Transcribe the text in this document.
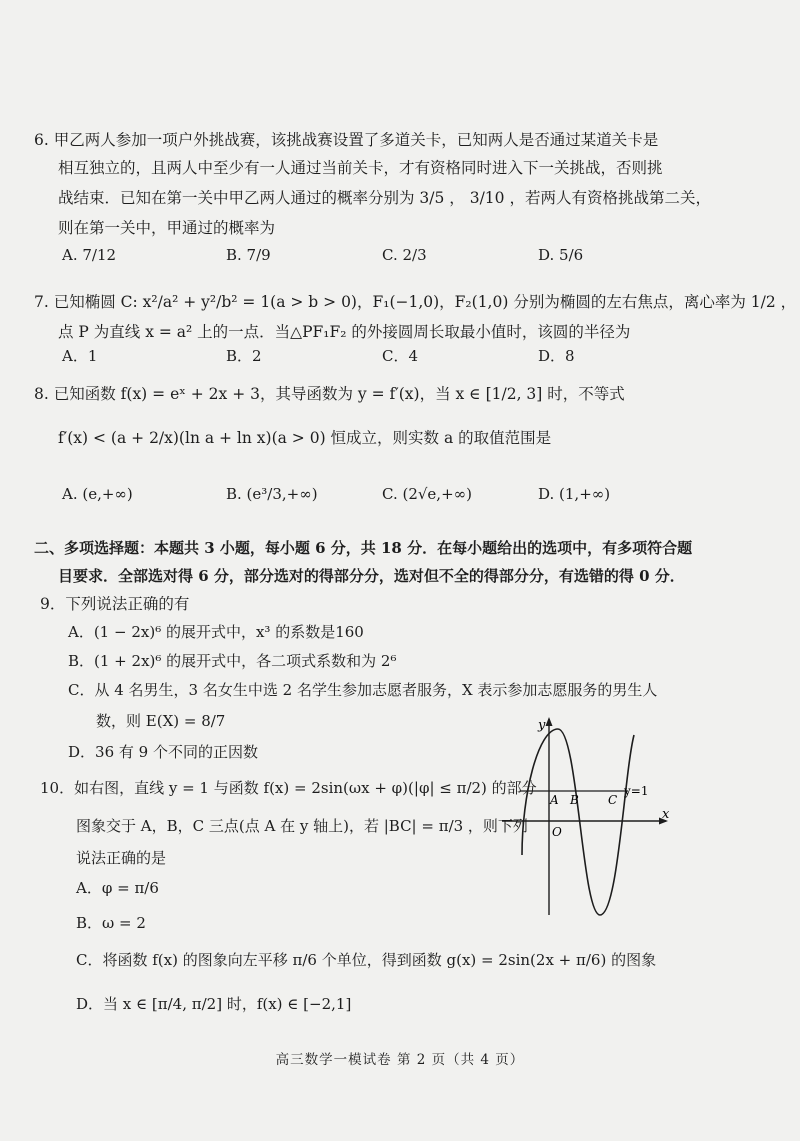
6. 甲乙两人参加一项户外挑战赛，该挑战赛设置了多道关卡，已知两人是否通过某道关卡是
相互独立的，且两人中至少有一人通过当前关卡，才有资格同时进入下一关挑战，否则挑
战结束．已知在第一关中甲乙两人通过的概率分别为 3/5 ， 3/10 ，若两人有资格挑战第二关，
则在第一关中，甲通过的概率为
A. 7/12	B. 7/9	C. 2/3	D. 5/6
7. 已知椭圆 C: x²/a² + y²/b² = 1(a > b > 0)，F₁(−1,0)，F₂(1,0) 分别为椭圆的左右焦点，离心率为 1/2 ，
点 P 为直线 x = a² 上的一点．当△PF₁F₂ 的外接圆周长取最小值时，该圆的半径为
A．1	B．2	C．4	D．8
8. 已知函数 f(x) = eˣ + 2x + 3，其导函数为 y = f′(x)，当 x ∈ [1/2, 3] 时，不等式
f′(x) < (a + 2/x)(ln a + ln x)(a > 0) 恒成立，则实数 a 的取值范围是
A. (e,+∞)	B. (e³/3,+∞)	C. (2√e,+∞)	D. (1,+∞)
二、多项选择题：本题共 3 小题，每小题 6 分，共 18 分．在每小题给出的选项中，有多项符合题
目要求．全部选对得 6 分，部分选对的得部分分，选对但不全的得部分分，有选错的得 0 分．
9．下列说法正确的有
A．(1 − 2x)⁶ 的展开式中，x³ 的系数是160
B．(1 + 2x)⁶ 的展开式中，各二项式系数和为 2⁶
C．从 4 名男生，3 名女生中选 2 名学生参加志愿者服务，X 表示参加志愿服务的男生人
数，则 E(X) = 8/7
D．36 有 9 个不同的正因数
10．如右图，直线 y = 1 与函数 f(x) = 2sin(ωx + φ)(|φ| ≤ π/2) 的部分
图象交于 A，B，C 三点(点 A 在 y 轴上)，若 |BC| = π/3 ，则下列
说法正确的是
A．φ = π/6
B．ω = 2
C．将函数 f(x) 的图象向左平移 π/6 个单位，得到函数 g(x) = 2sin(2x + π/6) 的图象
D．当 x ∈ [π/4, π/2] 时，f(x) ∈ [−2,1]
y
x
O
A B C
y=1
高三数学一模试卷 第 2 页（共 4 页）
